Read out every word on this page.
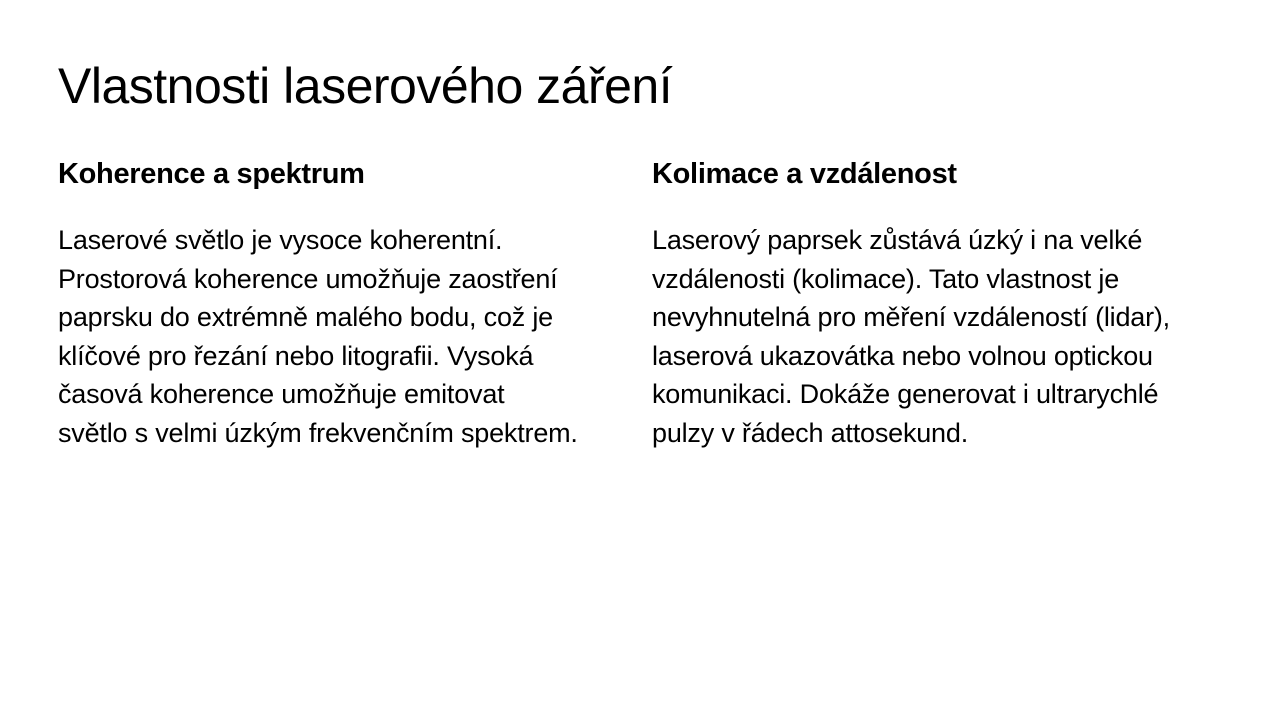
Vlastnosti laserového záření
Koherence a spektrum

Laserové světlo je vysoce koherentní. Prostorová koherence umožňuje zaostření paprsku do extrémně malého bodu, což je klíčové pro řezání nebo litografii. Vysoká časová koherence umožňuje emitovat světlo s velmi úzkým frekvenčním spektrem.

Kolimace a vzdálenost

Laserový paprsek zůstává úzký i na velké vzdálenosti (kolimace). Tato vlastnost je nevyhnutelná pro měření vzdáleností (lidar), laserová ukazovátka nebo volnou optickou komunikaci. Dokáže generovat i ultrarychlé pulzy v řádech attosekund.
